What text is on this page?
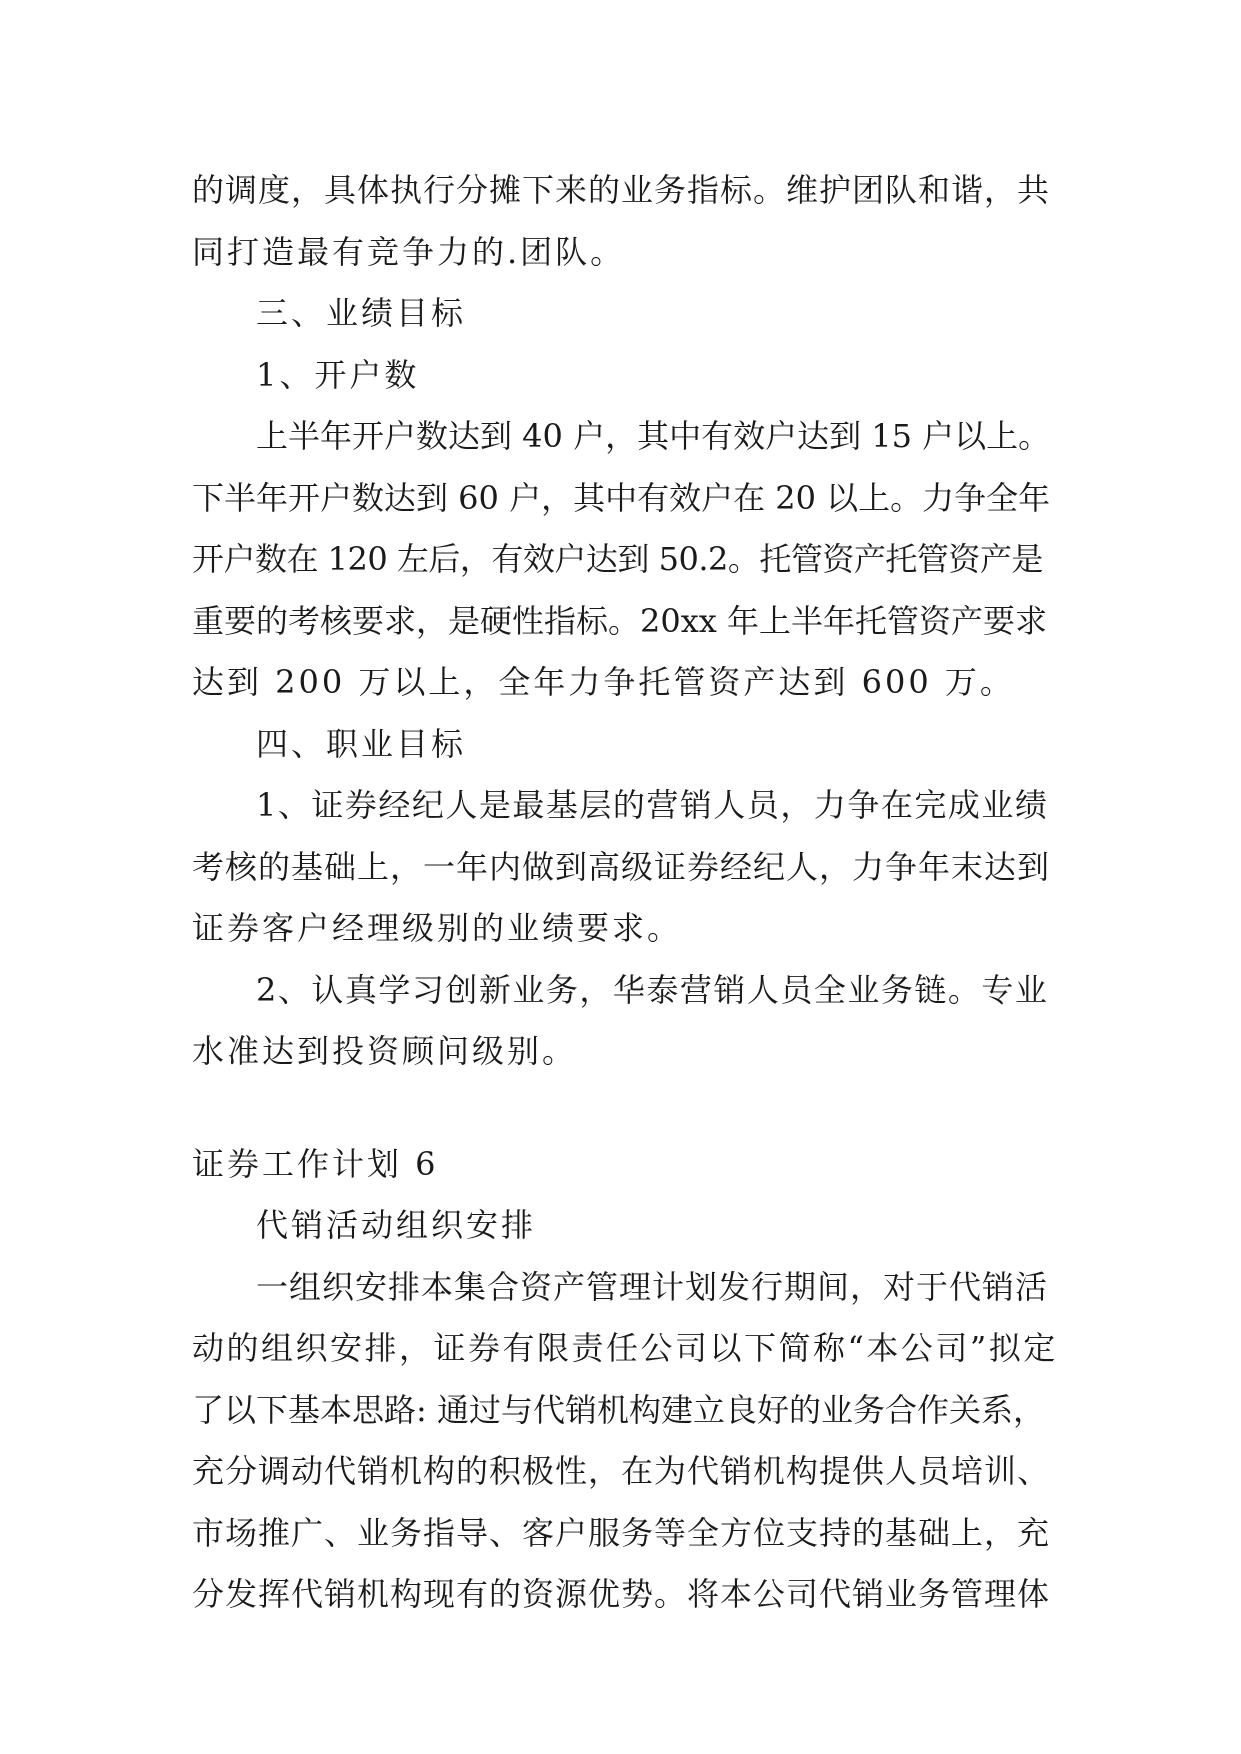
的调度，具体执行分摊下来的业务指标。维护团队和谐，共
同打造最有竞争力的.团队。
三、业绩目标
1、开户数
上半年开户数达到 40 户，其中有效户达到 15 户以上。
下半年开户数达到 60 户，其中有效户在 20 以上。力争全年
开户数在 120 左后，有效户达到 50.2。托管资产托管资产是
重要的考核要求，是硬性指标。20xx 年上半年托管资产要求
达到 200 万以上，全年力争托管资产达到 600 万。
四、职业目标
1、证券经纪人是最基层的营销人员，力争在完成业绩
考核的基础上，一年内做到高级证券经纪人，力争年末达到
证券客户经理级别的业绩要求。
2、认真学习创新业务，华泰营销人员全业务链。专业
水准达到投资顾问级别。
证券工作计划 6
代销活动组织安排
一组织安排本集合资产管理计划发行期间，对于代销活
动的组织安排，证券有限责任公司以下简称“本公司”拟定
了以下基本思路: 通过与代销机构建立良好的业务合作关系，
充分调动代销机构的积极性，在为代销机构提供人员培训、
市场推广、业务指导、客户服务等全方位支持的基础上，充
分发挥代销机构现有的资源优势。将本公司代销业务管理体
